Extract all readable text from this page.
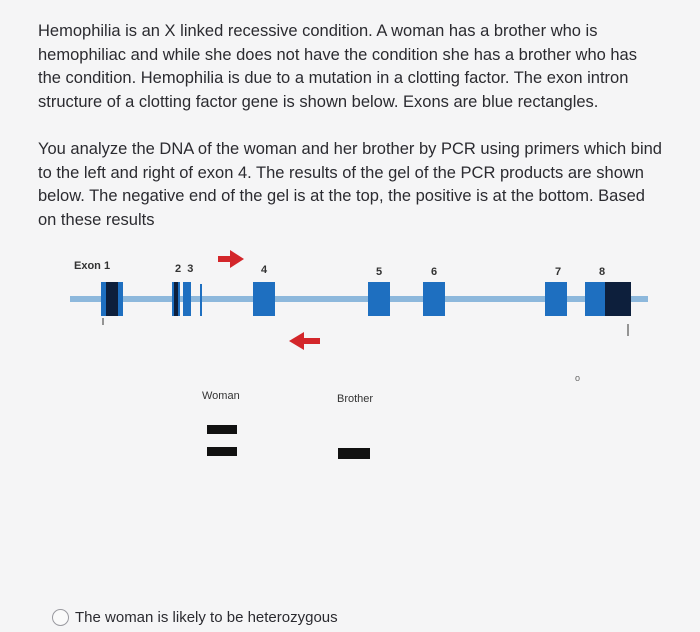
Hemophilia is an X linked recessive condition. A woman has a brother who is hemophiliac and while she does not have the condition she has a brother who has the condition. Hemophilia is due to a mutation in a clotting factor. The exon intron structure of a clotting factor gene is shown below. Exons are blue rectangles.

You analyze the DNA of the woman and her brother by PCR using primers which bind to the left and right of exon 4. The results of the gel of the PCR products are shown below. The negative end of the gel is at the top, the positive is at the bottom. Based on these results

o
Exon 1	2  3	4	5	6	7	8
Woman	Brother
The woman is likely to be heterozygous
